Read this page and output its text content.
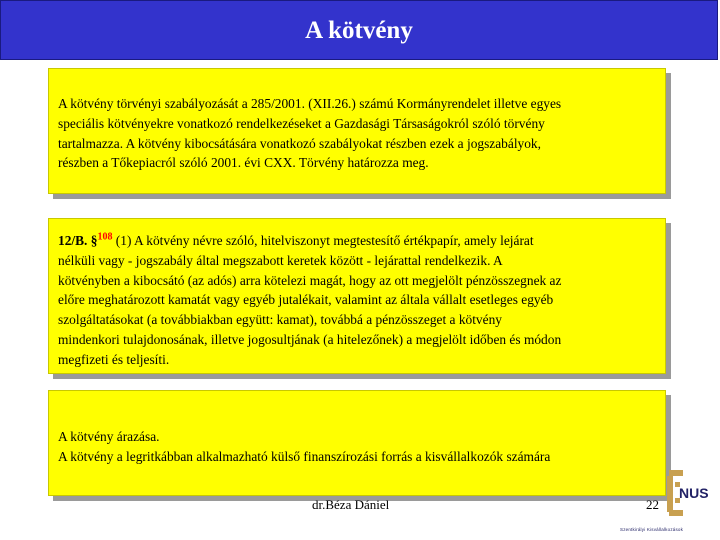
A kötvény
A kötvény törvényi szabályozását a 285/2001. (XII.26.) számú Kormányrendelet illetve egyes
speciális kötvényekre vonatkozó rendelkezéseket a Gazdasági Társaságokról szóló törvény
tartalmazza. A kötvény kibocsátására vonatkozó szabályokat részben ezek a jogszabályok,
részben a Tőkepiacról szóló 2001. évi CXX. Törvény határozza meg.
12/B. §$^{108}$ (1) A kötvény névre szóló, hitelviszonyt megtestesítő értékpapír, amely lejárat
nélküli vagy - jogszabály által megszabott keretek között - lejárattal rendelkezik. A
kötvényben a kibocsátó (az adós) arra kötelezi magát, hogy az ott megjelölt pénzösszegnek az
előre meghatározott kamatát vagy egyéb jutalékait, valamint az általa vállalt esetleges egyéb
szolgáltatásokat (a továbbiakban együtt: kamat), továbbá a pénzösszeget a kötvény
mindenkori tulajdonosának, illetve jogosultjának (a hitelezőnek) a megjelölt időben és módon
megfizeti és teljesíti.
A kötvény árazása.
A kötvény a legritkábban alkalmazható külső finanszírozási forrás a kisvállalkozók számára
NUS
Szentkirályi Kisvállalkozások
dr.Béza Dániel	22
